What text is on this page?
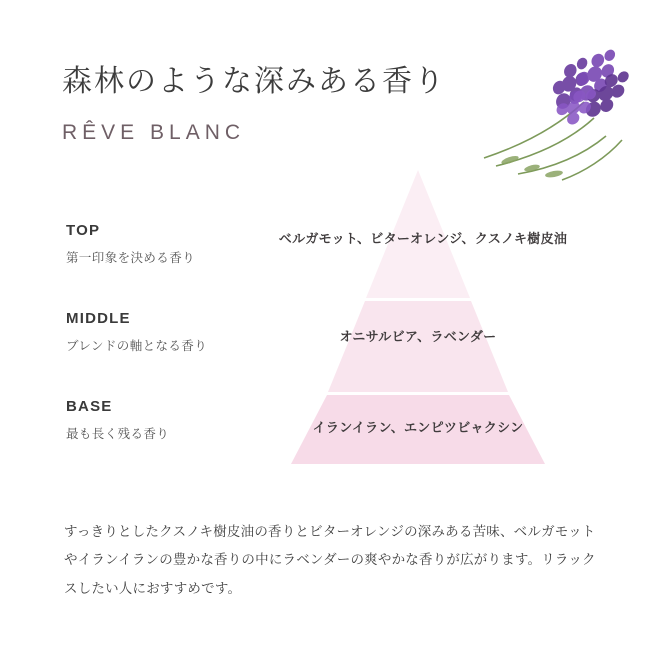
森林のような深みある香り
RÊVE BLANC
ベルガモット、ビターオレンジ、クスノキ樹皮油
オニサルビア、ラベンダー
イランイラン、エンピツビャクシン
TOP
第一印象を決める香り
MIDDLE
ブレンドの軸となる香り
BASE
最も長く残る香り
すっきりとしたクスノキ樹皮油の香りとビターオレンジの深みある苦味、ベルガモットやイランイランの豊かな香りの中にラベンダーの爽やかな香りが広がります。リラックスしたい人におすすめです。
